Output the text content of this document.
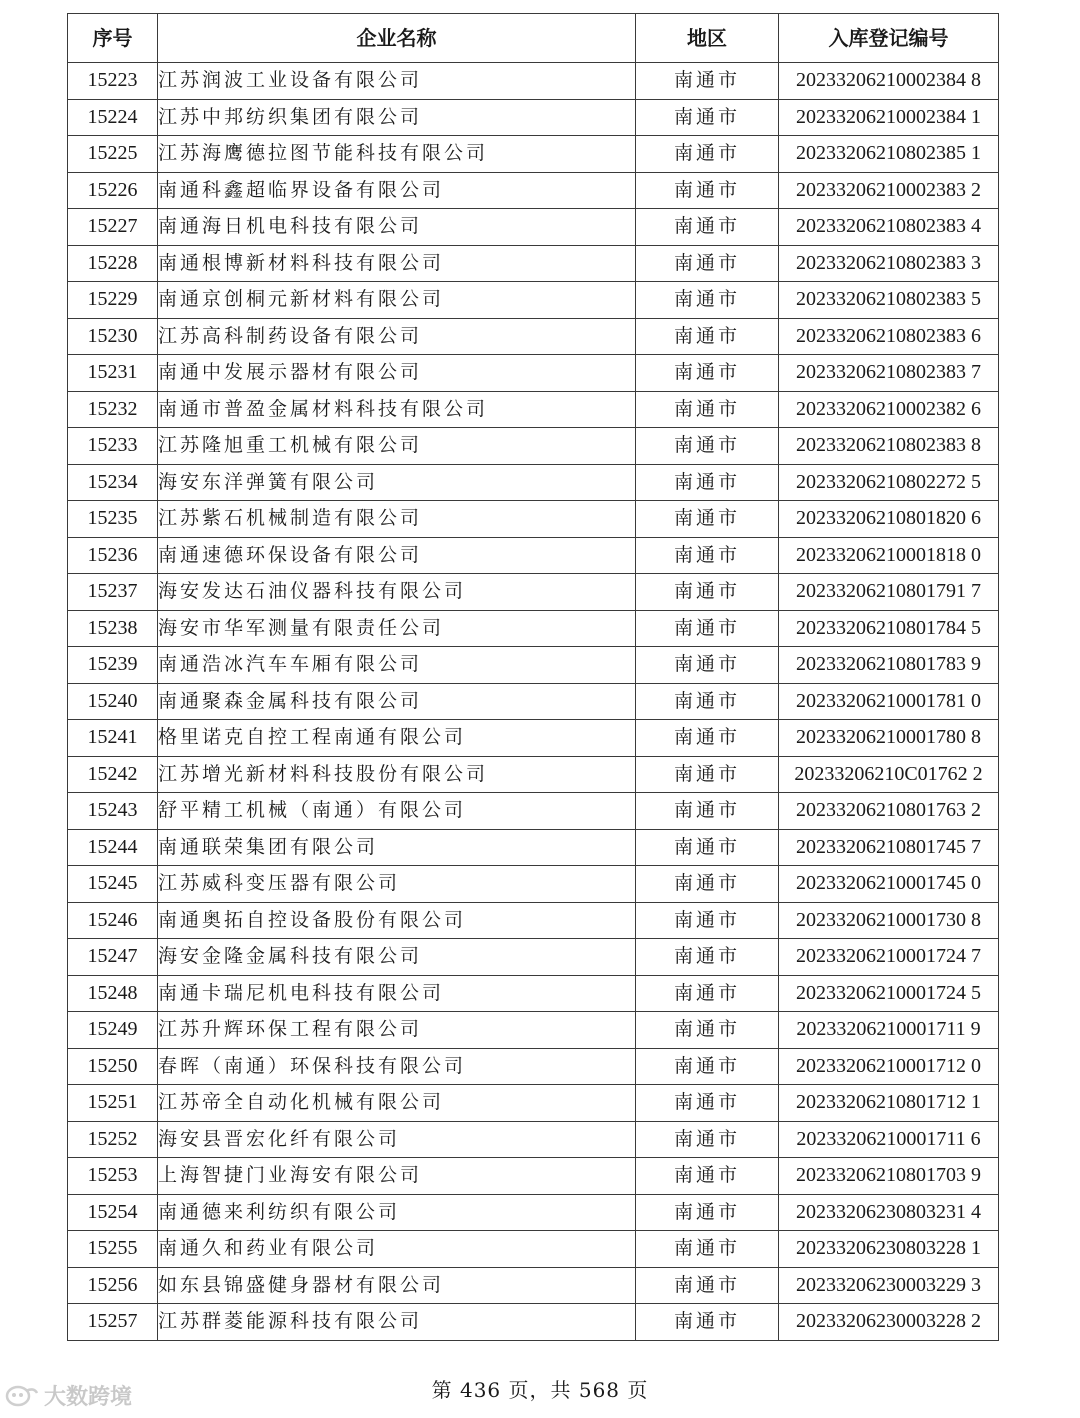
序号	企业名称	地区	入库登记编号
15223	江苏润波工业设备有限公司	南通市	20233206210002384 8
15224	江苏中邦纺织集团有限公司	南通市	20233206210002384 1
15225	江苏海鹰德拉图节能科技有限公司	南通市	20233206210802385 1
15226	南通科鑫超临界设备有限公司	南通市	20233206210002383 2
15227	南通海日机电科技有限公司	南通市	20233206210802383 4
15228	南通根博新材料科技有限公司	南通市	20233206210802383 3
15229	南通京创桐元新材料有限公司	南通市	20233206210802383 5
15230	江苏高科制药设备有限公司	南通市	20233206210802383 6
15231	南通中发展示器材有限公司	南通市	20233206210802383 7
15232	南通市普盈金属材料科技有限公司	南通市	20233206210002382 6
15233	江苏隆旭重工机械有限公司	南通市	20233206210802383 8
15234	海安东洋弹簧有限公司	南通市	20233206210802272 5
15235	江苏紫石机械制造有限公司	南通市	20233206210801820 6
15236	南通速德环保设备有限公司	南通市	20233206210001818 0
15237	海安发达石油仪器科技有限公司	南通市	20233206210801791 7
15238	海安市华军测量有限责任公司	南通市	20233206210801784 5
15239	南通浩冰汽车车厢有限公司	南通市	20233206210801783 9
15240	南通聚森金属科技有限公司	南通市	20233206210001781 0
15241	格里诺克自控工程南通有限公司	南通市	20233206210001780 8
15242	江苏增光新材料科技股份有限公司	南通市	20233206210C01762 2
15243	舒平精工机械（南通）有限公司	南通市	20233206210801763 2
15244	南通联荣集团有限公司	南通市	20233206210801745 7
15245	江苏威科变压器有限公司	南通市	20233206210001745 0
15246	南通奥拓自控设备股份有限公司	南通市	20233206210001730 8
15247	海安金隆金属科技有限公司	南通市	20233206210001724 7
15248	南通卡瑞尼机电科技有限公司	南通市	20233206210001724 5
15249	江苏升辉环保工程有限公司	南通市	20233206210001711 9
15250	春晖（南通）环保科技有限公司	南通市	20233206210001712 0
15251	江苏帝全自动化机械有限公司	南通市	20233206210801712 1
15252	海安县晋宏化纤有限公司	南通市	20233206210001711 6
15253	上海智捷门业海安有限公司	南通市	20233206210801703 9
15254	南通德来利纺织有限公司	南通市	20233206230803231 4
15255	南通久和药业有限公司	南通市	20233206230803228 1
15256	如东县锦盛健身器材有限公司	南通市	20233206230003229 3
15257	江苏群菱能源科技有限公司	南通市	20233206230003228 2
大数跨境	第 436 页，共 568 页
